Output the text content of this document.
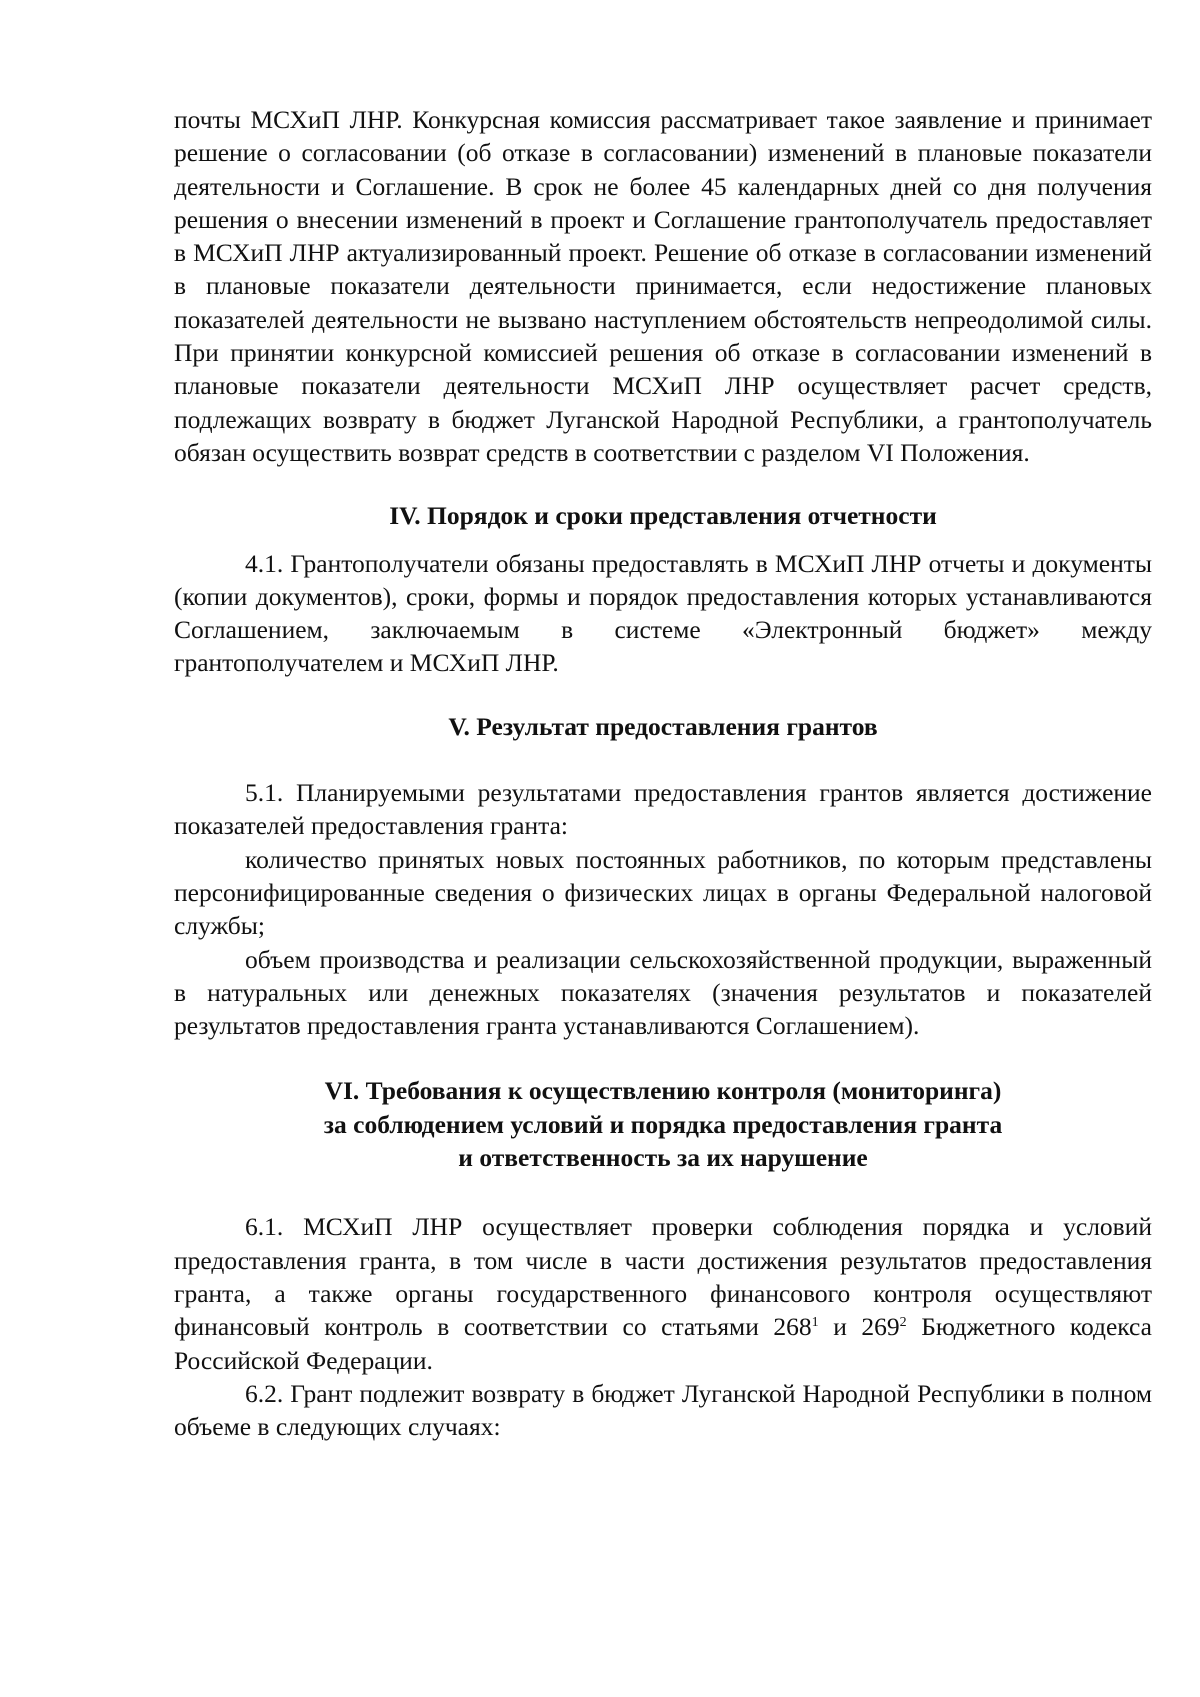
почты МСХиП ЛНР. Конкурсная комиссия рассматривает такое заявление и принимает решение о согласовании (об отказе в согласовании) изменений в плановые показатели деятельности и Соглашение. В срок не более 45 календарных дней со дня получения решения о внесении изменений в проект и Соглашение грантополучатель предоставляет в МСХиП ЛНР актуализированный проект. Решение об отказе в согласовании изменений в плановые показатели деятельности принимается, если недостижение плановых показателей деятельности не вызвано наступлением обстоятельств непреодолимой силы. При принятии конкурсной комиссией решения об отказе в согласовании изменений в плановые показатели деятельности МСХиП ЛНР осуществляет расчет средств, подлежащих возврату в бюджет Луганской Народной Республики, а грантополучатель обязан осуществить возврат средств в соответствии с разделом VI Положения.

IV. Порядок и сроки представления отчетности

4.1. Грантополучатели обязаны предоставлять в МСХиП ЛНР отчеты и документы (копии документов), сроки, формы и порядок предоставления которых устанавливаются Соглашением, заключаемым в системе «Электронный бюджет» между грантополучателем и МСХиП ЛНР.

V. Результат предоставления грантов

5.1. Планируемыми результатами предоставления грантов является достижение показателей предоставления гранта:

количество принятых новых постоянных работников, по которым представлены персонифицированные сведения о физических лицах в органы Федеральной налоговой службы;

объем производства и реализации сельскохозяйственной продукции, выраженный в натуральных или денежных показателях (значения результатов и показателей результатов предоставления гранта устанавливаются Соглашением).

VI. Требования к осуществлению контроля (мониторинга)
за соблюдением условий и порядка предоставления гранта
и ответственность за их нарушение

6.1. МСХиП ЛНР осуществляет проверки соблюдения порядка и условий предоставления гранта, в том числе в части достижения результатов предоставления гранта, а также органы государственного финансового контроля осуществляют финансовый контроль в соответствии со статьями $268^1$ и $269^2$ Бюджетного кодекса Российской Федерации.

6.2. Грант подлежит возврату в бюджет Луганской Народной Республики в полном объеме в следующих случаях:
